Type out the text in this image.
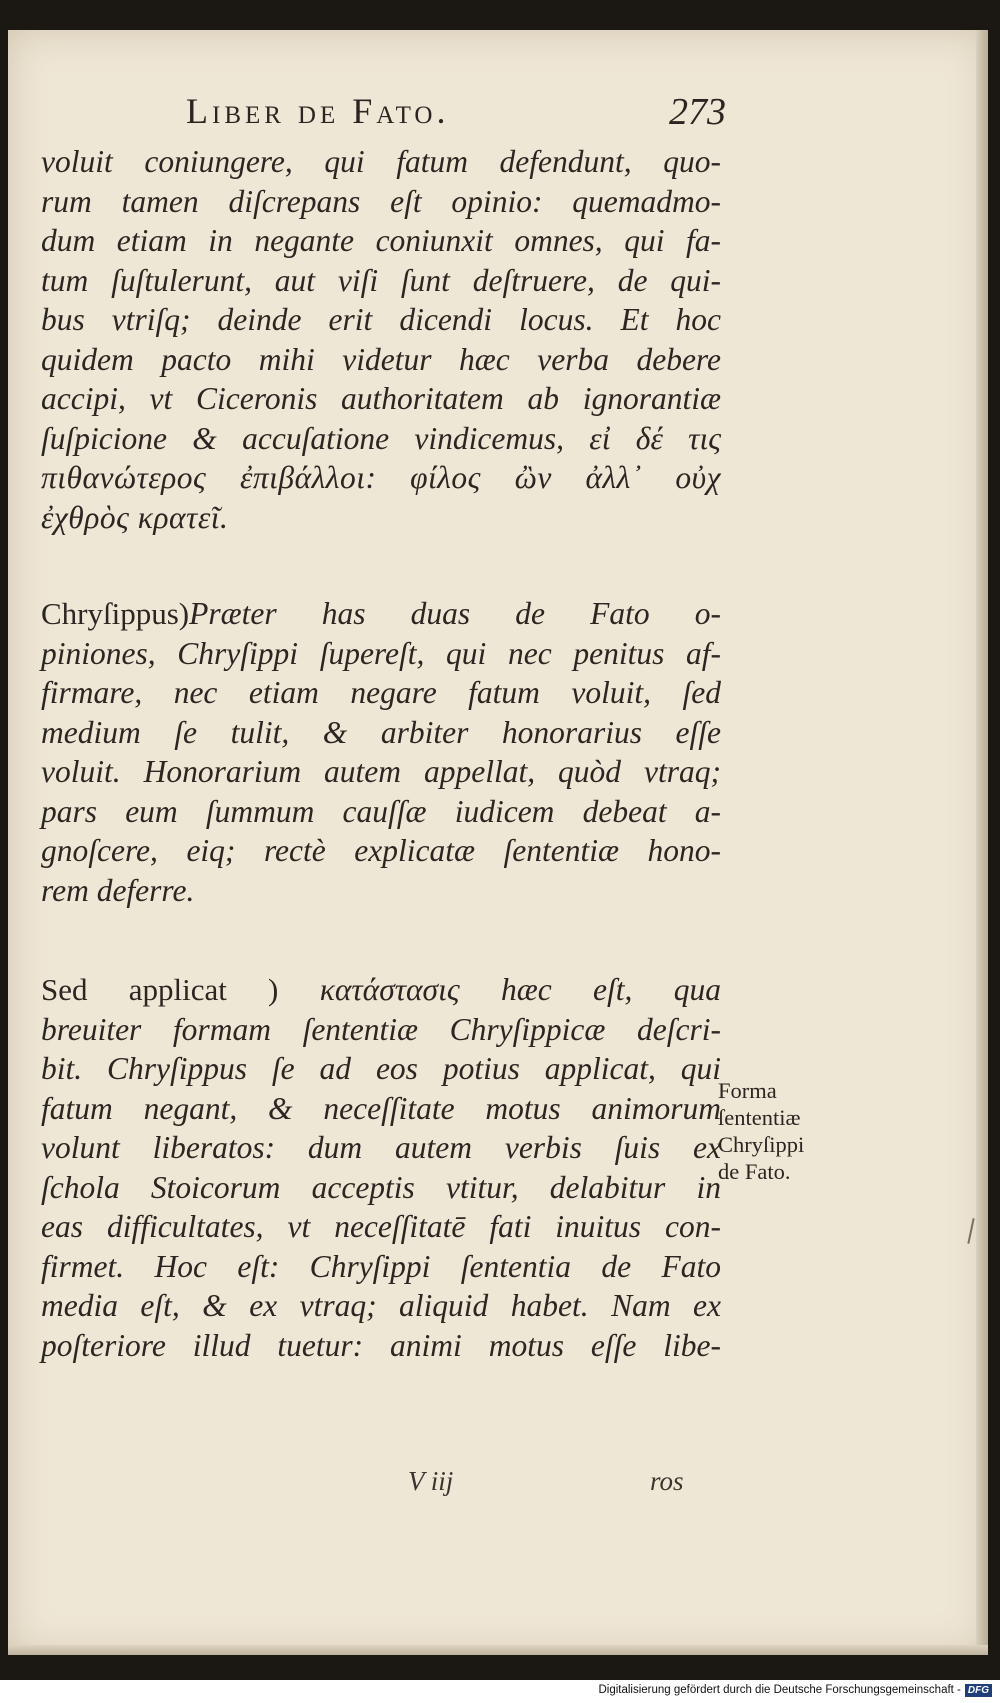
Liber de Fato.	273
voluit coniungere, qui fatum defendunt, quo-
rum tamen diſcrepans eſt opinio: quemadmo-
dum etiam in negante coniunxit omnes, qui fa-
tum ſuſtulerunt, aut viſi ſunt deſtruere, de qui-
bus vtriſq; deinde erit dicendi locus. Et hoc
quidem pacto mihi videtur hæc verba debere
accipi, vt Ciceronis authoritatem ab ignorantiæ
ſuſpicione & accuſatione vindicemus, εἰ δέ τις
πιθανώτερος ἐπιβάλλοι: φίλος ὢν ἀλλ᾽ οὐχ
ἐχθρὸς κρατεῖ.
Chryſippus)Præter has duas de Fato o-
piniones, Chryſippi ſupereſt, qui nec penitus af-
firmare, nec etiam negare fatum voluit, ſed
medium ſe tulit, & arbiter honorarius eſſe
voluit. Honorarium autem appellat, quòd vtraq;
pars eum ſummum cauſſæ iudicem debeat a-
gnoſcere, eiq; rectè explicatæ ſententiæ hono-
rem deferre.
Sed applicat ) κατάστασις hæc eſt, qua
breuiter formam ſententiæ Chryſippicæ deſcri-
bit. Chryſippus ſe ad eos potius applicat, qui
fatum negant, & neceſſitate motus animorum
volunt liberatos: dum autem verbis ſuis ex
ſchola Stoicorum acceptis vtitur, delabitur in
eas difficultates, vt neceſſitatē fati inuitus con-
firmet. Hoc eſt: Chryſippi ſententia de Fato
media eſt, & ex vtraq; aliquid habet. Nam ex
poſteriore illud tuetur: animi motus eſſe libe-
Forma
ſententiæ
Chryſippi
de Fato.
V iij	ros
Digitalisierung gefördert durch die Deutsche Forschungsgemeinschaft - DFG
